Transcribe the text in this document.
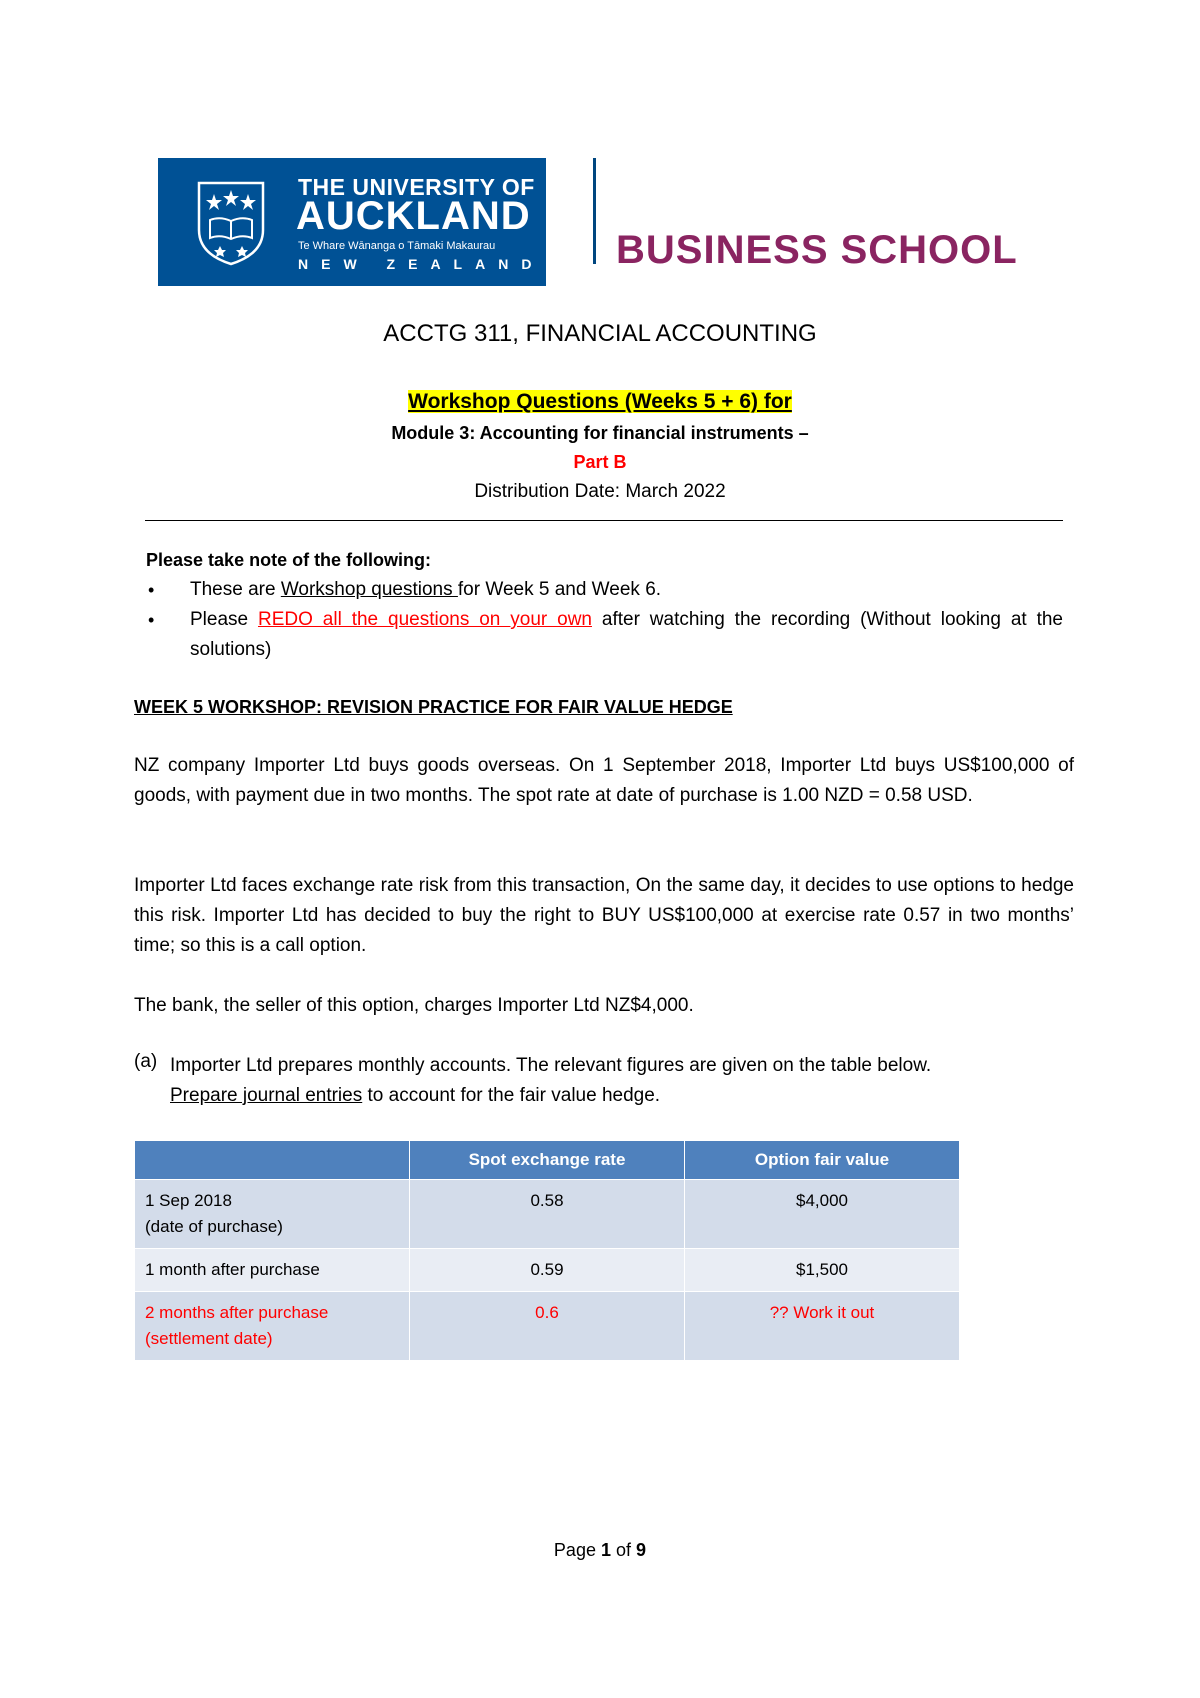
THE UNIVERSITY OF
AUCKLAND
Te Whare Wānanga o Tāmaki Makaurau
NEW ZEALAND BUSINESS SCHOOL
ACCTG 311, FINANCIAL ACCOUNTING
Workshop Questions (Weeks 5 + 6) for
Module 3: Accounting for financial instruments –
Part B
Distribution Date: March 2022
Please take note of the following:
• These are Workshop questions for Week 5 and Week 6.
• Please REDO all the questions on your own after watching the recording (Without looking at the solutions)
WEEK 5 WORKSHOP: REVISION PRACTICE FOR FAIR VALUE HEDGE
NZ company Importer Ltd buys goods overseas. On 1 September 2018, Importer Ltd buys US$100,000 of goods, with payment due in two months. The spot rate at date of purchase is 1.00 NZD = 0.58 USD.
Importer Ltd faces exchange rate risk from this transaction, On the same day, it decides to use options to hedge this risk. Importer Ltd has decided to buy the right to BUY US$100,000 at exercise rate 0.57 in two months’ time; so this is a call option.
The bank, the seller of this option, charges Importer Ltd NZ$4,000.
(a) Importer Ltd prepares monthly accounts. The relevant figures are given on the table below.
Prepare journal entries to account for the fair value hedge.
	Spot exchange rate	Option fair value
1 Sep 2018
(date of purchase)	0.58	$4,000
1 month after purchase	0.59	$1,500
2 months after purchase
(settlement date)	0.6	?? Work it out
Page 1 of 9
